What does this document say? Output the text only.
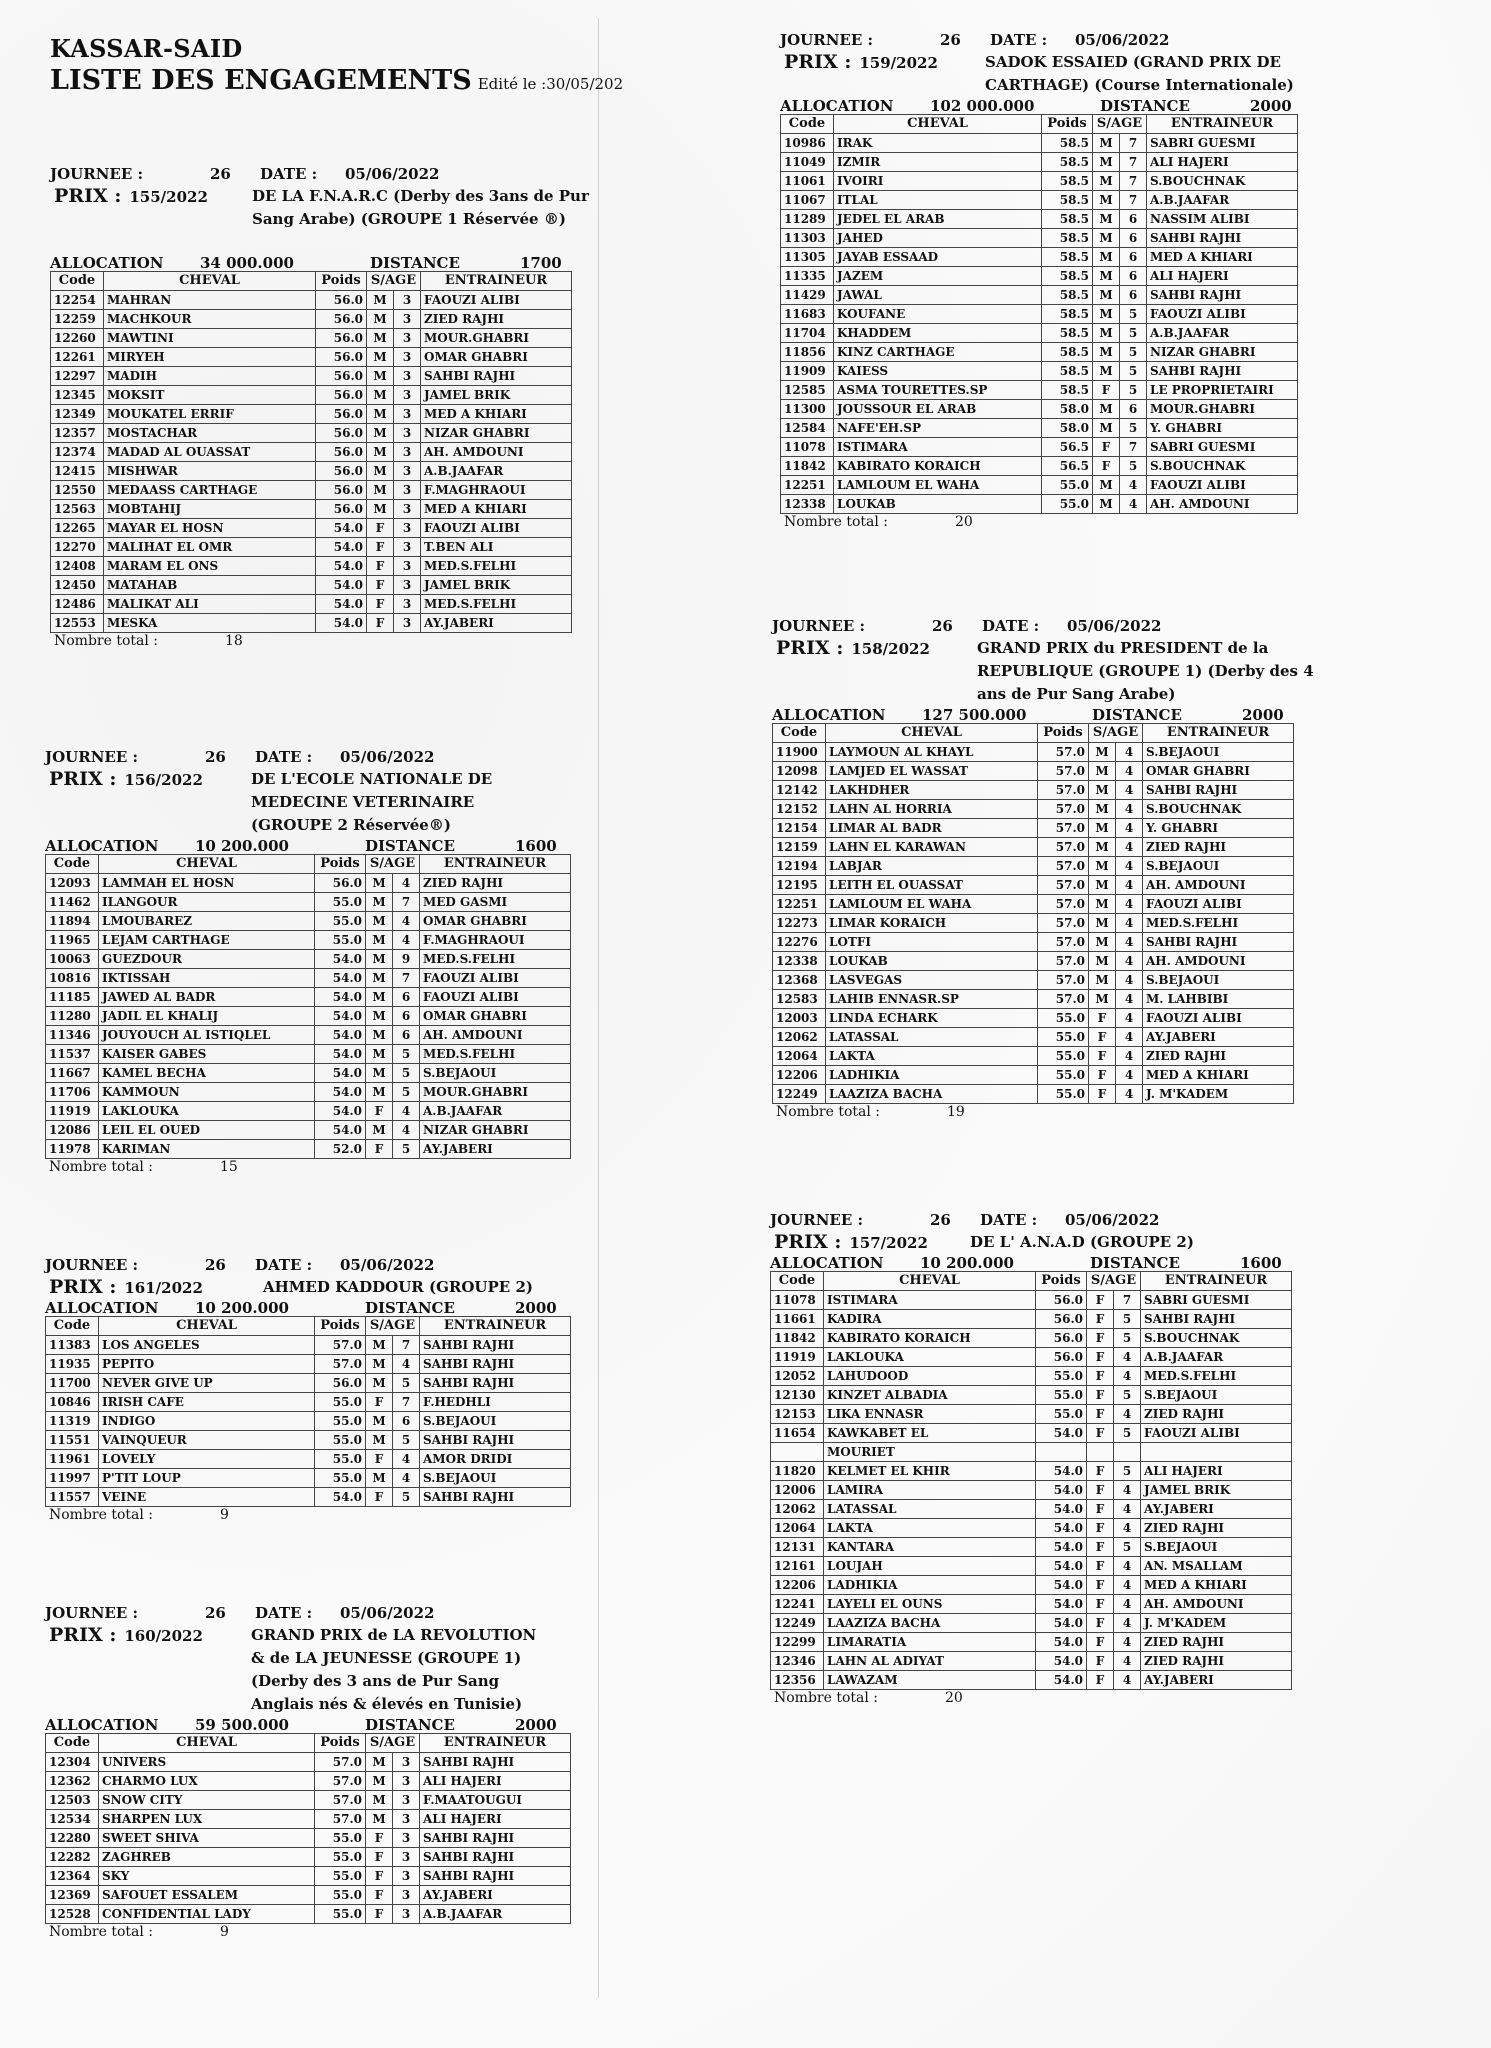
KASSAR-SAID
LISTE DES ENGAGEMENTS Edité le :30/05/202
JOURNEE :	26 DATE : 05/06/2022
PRIX : 155/2022	DE LA F.N.A.R.C (Derby des 3ans de Pur Sang Arabe) (GROUPE 1 Réservée ®)
ALLOCATION 34 000.000	DISTANCE	1700
Code	CHEVAL	Poids	S/AGE		ENTRAINEUR
12254	MAHRAN	56.0	M	3	FAOUZI ALIBI
12259	MACHKOUR	56.0	M	3	ZIED RAJHI
12260	MAWTINI	56.0	M	3	MOUR.GHABRI
12261	MIRYEH	56.0	M	3	OMAR GHABRI
12297	MADIH	56.0	M	3	SAHBI RAJHI
12345	MOKSIT	56.0	M	3	JAMEL BRIK
12349	MOUKATEL ERRIF	56.0	M	3	MED A KHIARI
12357	MOSTACHAR	56.0	M	3	NIZAR GHABRI
12374	MADAD AL OUASSAT	56.0	M	3	AH. AMDOUNI
12415	MISHWAR	56.0	M	3	A.B.JAAFAR
12550	MEDAASS CARTHAGE	56.0	M	3	F.MAGHRAOUI
12563	MOBTAHIJ	56.0	M	3	MED A KHIARI
12265	MAYAR EL HOSN	54.0	F	3	FAOUZI ALIBI
12270	MALIHAT EL OMR	54.0	F	3	T.BEN ALI
12408	MARAM EL ONS	54.0	F	3	MED.S.FELHI
12450	MATAHAB	54.0	F	3	JAMEL BRIK
12486	MALIKAT ALI	54.0	F	3	MED.S.FELHI
12553	MESKA	54.0	F	3	AY.JABERI
Nombre total :	18
JOURNEE :	26 DATE : 05/06/2022
PRIX : 156/2022	DE L'ECOLE NATIONALE DE MEDECINE VETERINAIRE (GROUPE 2 Réservée®)
ALLOCATION 10 200.000	DISTANCE	1600
Code	CHEVAL	Poids	S/AGE		ENTRAINEUR
12093	LAMMAH EL HOSN	56.0	M	4	ZIED RAJHI
11462	ILANGOUR	55.0	M	7	MED GASMI
11894	LMOUBAREZ	55.0	M	4	OMAR GHABRI
11965	LEJAM CARTHAGE	55.0	M	4	F.MAGHRAOUI
10063	GUEZDOUR	54.0	M	9	MED.S.FELHI
10816	IKTISSAH	54.0	M	7	FAOUZI ALIBI
11185	JAWED AL BADR	54.0	M	6	FAOUZI ALIBI
11280	JADIL EL KHALIJ	54.0	M	6	OMAR GHABRI
11346	JOUYOUCH AL ISTIQLEL	54.0	M	6	AH. AMDOUNI
11537	KAISER GABES	54.0	M	5	MED.S.FELHI
11667	KAMEL BECHA	54.0	M	5	S.BEJAOUI
11706	KAMMOUN	54.0	M	5	MOUR.GHABRI
11919	LAKLOUKA	54.0	F	4	A.B.JAAFAR
12086	LEIL EL OUED	54.0	M	4	NIZAR GHABRI
11978	KARIMAN	52.0	F	5	AY.JABERI
Nombre total :	15
JOURNEE :	26 DATE : 05/06/2022
PRIX : 161/2022	AHMED KADDOUR (GROUPE 2)
ALLOCATION 10 200.000	DISTANCE	2000
Code	CHEVAL	Poids	S/AGE		ENTRAINEUR
11383	LOS ANGELES	57.0	M	7	SAHBI RAJHI
11935	PEPITO	57.0	M	4	SAHBI RAJHI
11700	NEVER GIVE UP	56.0	M	5	SAHBI RAJHI
10846	IRISH CAFE	55.0	F	7	F.HEDHLI
11319	INDIGO	55.0	M	6	S.BEJAOUI
11551	VAINQUEUR	55.0	M	5	SAHBI RAJHI
11961	LOVELY	55.0	F	4	AMOR DRIDI
11997	P'TIT LOUP	55.0	M	4	S.BEJAOUI
11557	VEINE	54.0	F	5	SAHBI RAJHI
Nombre total :	9
JOURNEE :	26 DATE : 05/06/2022
PRIX : 160/2022	GRAND PRIX de LA REVOLUTION & de LA JEUNESSE (GROUPE 1) (Derby des 3 ans de Pur Sang Anglais nés & élevés en Tunisie)
ALLOCATION 59 500.000	DISTANCE	2000
Code	CHEVAL	Poids	S/AGE		ENTRAINEUR
12304	UNIVERS	57.0	M	3	SAHBI RAJHI
12362	CHARMO LUX	57.0	M	3	ALI HAJERI
12503	SNOW CITY	57.0	M	3	F.MAATOUGUI
12534	SHARPEN LUX	57.0	M	3	ALI HAJERI
12280	SWEET SHIVA	55.0	F	3	SAHBI RAJHI
12282	ZAGHREB	55.0	F	3	SAHBI RAJHI
12364	SKY	55.0	F	3	SAHBI RAJHI
12369	SAFOUET ESSALEM	55.0	F	3	AY.JABERI
12528	CONFIDENTIAL LADY	55.0	F	3	A.B.JAAFAR
Nombre total :	9
JOURNEE :	26 DATE : 05/06/2022
PRIX : 159/2022	SADOK ESSAIED (GRAND PRIX DE CARTHAGE) (Course Internationale)
ALLOCATION 102 000.000	DISTANCE	2000
Code	CHEVAL	Poids	S/AGE		ENTRAINEUR
10986	IRAK	58.5	M	7	SABRI GUESMI
11049	IZMIR	58.5	M	7	ALI HAJERI
11061	IVOIRI	58.5	M	7	S.BOUCHNAK
11067	ITLAL	58.5	M	7	A.B.JAAFAR
11289	JEDEL EL ARAB	58.5	M	6	NASSIM ALIBI
11303	JAHED	58.5	M	6	SAHBI RAJHI
11305	JAYAB ESSAAD	58.5	M	6	MED A KHIARI
11335	JAZEM	58.5	M	6	ALI HAJERI
11429	JAWAL	58.5	M	6	SAHBI RAJHI
11683	KOUFANE	58.5	M	5	FAOUZI ALIBI
11704	KHADDEM	58.5	M	5	A.B.JAAFAR
11856	KINZ CARTHAGE	58.5	M	5	NIZAR GHABRI
11909	KAIESS	58.5	M	5	SAHBI RAJHI
12585	ASMA TOURETTES.SP	58.5	F	5	LE PROPRIETAIRI
11300	JOUSSOUR EL ARAB	58.0	M	6	MOUR.GHABRI
12584	NAFE'EH.SP	58.0	M	5	Y. GHABRI
11078	ISTIMARA	56.5	F	7	SABRI GUESMI
11842	KABIRATO KORAICH	56.5	F	5	S.BOUCHNAK
12251	LAMLOUM EL WAHA	55.0	M	4	FAOUZI ALIBI
12338	LOUKAB	55.0	M	4	AH. AMDOUNI
Nombre total :	20
JOURNEE :	26 DATE : 05/06/2022
PRIX : 158/2022	GRAND PRIX du PRESIDENT de la REPUBLIQUE (GROUPE 1) (Derby des 4 ans de Pur Sang Arabe)
ALLOCATION 127 500.000	DISTANCE	2000
Code	CHEVAL	Poids	S/AGE		ENTRAINEUR
11900	LAYMOUN AL KHAYL	57.0	M	4	S.BEJAOUI
12098	LAMJED EL WASSAT	57.0	M	4	OMAR GHABRI
12142	LAKHDHER	57.0	M	4	SAHBI RAJHI
12152	LAHN AL HORRIA	57.0	M	4	S.BOUCHNAK
12154	LIMAR AL BADR	57.0	M	4	Y. GHABRI
12159	LAHN EL KARAWAN	57.0	M	4	ZIED RAJHI
12194	LABJAR	57.0	M	4	S.BEJAOUI
12195	LEITH EL OUASSAT	57.0	M	4	AH. AMDOUNI
12251	LAMLOUM EL WAHA	57.0	M	4	FAOUZI ALIBI
12273	LIMAR KORAICH	57.0	M	4	MED.S.FELHI
12276	LOTFI	57.0	M	4	SAHBI RAJHI
12338	LOUKAB	57.0	M	4	AH. AMDOUNI
12368	LASVEGAS	57.0	M	4	S.BEJAOUI
12583	LAHIB ENNASR.SP	57.0	M	4	M. LAHBIBI
12003	LINDA ECHARK	55.0	F	4	FAOUZI ALIBI
12062	LATASSAL	55.0	F	4	AY.JABERI
12064	LAKTA	55.0	F	4	ZIED RAJHI
12206	LADHIKIA	55.0	F	4	MED A KHIARI
12249	LAAZIZA BACHA	55.0	F	4	J. M'KADEM
Nombre total :	19
JOURNEE :	26 DATE : 05/06/2022
PRIX : 157/2022	DE L' A.N.A.D (GROUPE 2)
ALLOCATION 10 200.000	DISTANCE	1600
Code	CHEVAL	Poids	S/AGE		ENTRAINEUR
11078	ISTIMARA	56.0	F	7	SABRI GUESMI
11661	KADIRA	56.0	F	5	SAHBI RAJHI
11842	KABIRATO KORAICH	56.0	F	5	S.BOUCHNAK
11919	LAKLOUKA	56.0	F	4	A.B.JAAFAR
12052	LAHUDOOD	55.0	F	4	MED.S.FELHI
12130	KINZET ALBADIA	55.0	F	5	S.BEJAOUI
12153	LIKA ENNASR	55.0	F	4	ZIED RAJHI
11654	KAWKABET EL	54.0	F	5	FAOUZI ALIBI
	MOURIET				
11820	KELMET EL KHIR	54.0	F	5	ALI HAJERI
12006	LAMIRA	54.0	F	4	JAMEL BRIK
12062	LATASSAL	54.0	F	4	AY.JABERI
12064	LAKTA	54.0	F	4	ZIED RAJHI
12131	KANTARA	54.0	F	5	S.BEJAOUI
12161	LOUJAH	54.0	F	4	AN. MSALLAM
12206	LADHIKIA	54.0	F	4	MED A KHIARI
12241	LAYELI EL OUNS	54.0	F	4	AH. AMDOUNI
12249	LAAZIZA BACHA	54.0	F	4	J. M'KADEM
12299	LIMARATIA	54.0	F	4	ZIED RAJHI
12346	LAHN AL ADIYAT	54.0	F	4	ZIED RAJHI
12356	LAWAZAM	54.0	F	4	AY.JABERI
Nombre total :	20
